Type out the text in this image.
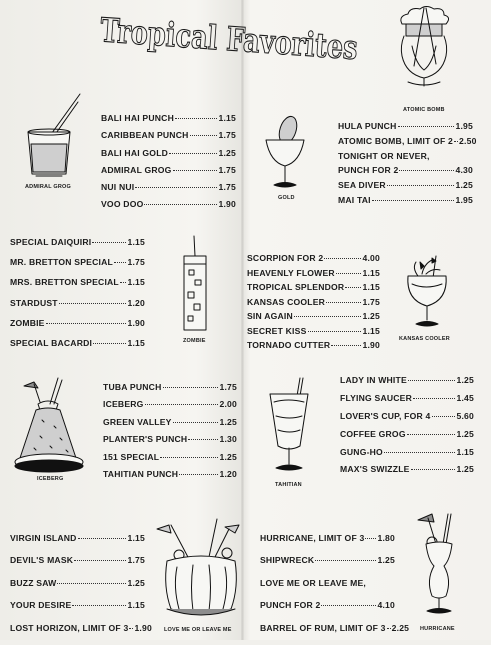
Tropical Favorites
BALI HAI PUNCH	1.15
CARIBBEAN PUNCH	1.75
BALI HAI GOLD	1.25
ADMIRAL GROG	1.75
NUI NUI	1.75
VOO DOO	1.90
HULA PUNCH	1.95
ATOMIC BOMB, LIMIT OF 2 2.50
TONIGHT OR NEVER,
PUNCH FOR 2	4.30
SEA DIVER	1.25
MAI TAI	1.95
SPECIAL DAIQUIRI	1.15
MR. BRETTON SPECIAL 1.75
MRS. BRETTON SPECIAL 1.15
STARDUST	1.20
ZOMBIE	1.90
SPECIAL BACARDI	1.15
SCORPION FOR 2	4.00
HEAVENLY FLOWER	1.15
TROPICAL SPLENDOR 1.15
KANSAS COOLER	1.75
SIN AGAIN	1.25
SECRET KISS	1.15
TORNADO CUTTER	1.90
TUBA PUNCH	1.75
ICEBERG	2.00
GREEN VALLEY	1.25
PLANTER'S PUNCH	1.30
151 SPECIAL	1.25
TAHITIAN PUNCH	1.20
LADY IN WHITE	1.25
FLYING SAUCER	1.45
LOVER'S CUP, FOR 4	5.60
COFFEE GROG	1.25
GUNG-HO	1.15
MAX'S SWIZZLE	1.25
VIRGIN ISLAND	1.15
DEVIL'S MASK	1.75
BUZZ SAW	1.25
YOUR DESIRE	1.15
LOST HORIZON, LIMIT OF 3 1.90
HURRICANE, LIMIT OF 3 1.80
SHIPWRECK	1.25
LOVE ME OR LEAVE ME,
PUNCH FOR 2	4.10
BARREL OF RUM, LIMIT OF 3 2.25
ATOMIC BOMB
ADMIRAL GROG
GOLD
ZOMBIE	KANSAS COOLER
ICEBERG
TAHITIAN
LOVE ME OR LEAVE ME	HURRICANE
